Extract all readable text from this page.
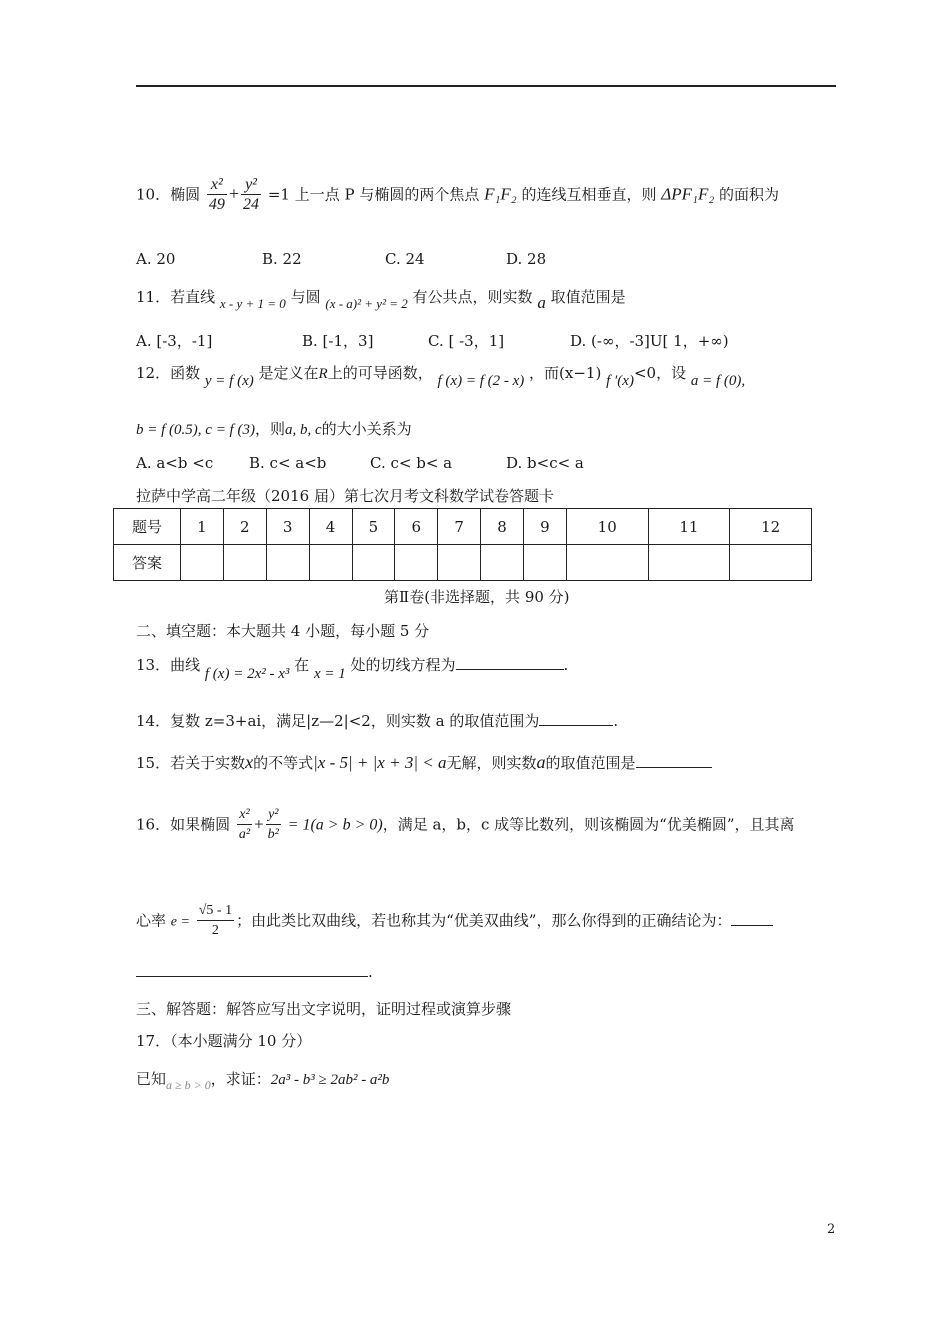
10．椭圆 $\frac{\text{x²}}{49} + \frac{\text{y²}}{24} =1$ 上一点 P 与椭圆的两个焦点 F₁F₂ 的连线互相垂直，则 ΔPF₁F₂ 的面积为
A. 20	B. 22	C. 24	D. 28
11．若直线 x - y + 1 = 0 与圆 (x - a)² + y² = 2 有公共点，则实数 a 取值范围是
A. [-3，-1]	B. [-1，3]	C. [ -3，1]	D. (-∞，-3]U[ 1，+∞)
12．函数 y = f (x) 是定义在R上的可导函数， f (x) = f (2 - x) ，而(x−1) f ′(x)<0，设 a = f (0),
b = f (0.5), c = f (3)，则a, b, c的大小关系为
A. a<b <c B. c< a<b	C. c< b< a	D. b<c< a
拉萨中学高二年级（2016 届）第七次月考文科数学试卷答题卡
题号	1	2	3	4	5	6	7	8	9	10	11	12
答案												
第Ⅱ卷(非选择题，共 90 分)
二、填空题：本大题共 4 小题，每小题 5 分
13．曲线 f (x) = 2x² - x³ 在 x = 1 处的切线方程为	.
14．复数 z=3+ai，满足|z—2|<2，则实数 a 的取值范围为	.
15．若关于实数x的不等式|x - 5| + |x + 3| < a无解，则实数a的取值范围是
16．如果椭圆 $\frac{\text{x²}}{\text{a²}} + \frac{\text{y²}}{\text{b²}} = 1(a > b > 0)$，满足 a，b，c 成等比数列，则该椭圆为“优美椭圆”，且其离
心率 $e = \frac{√5 - 1}{2}$ ；由此类比双曲线，若也称其为“优美双曲线”，那么你得到的正确结论为：
.
三、解答题：解答应写出文字说明，证明过程或演算步骤
17．（本小题满分 10 分）
已知$_{a \ge b > 0}$，求证：2a³ - b³ ≥ 2ab² - a²b
2
